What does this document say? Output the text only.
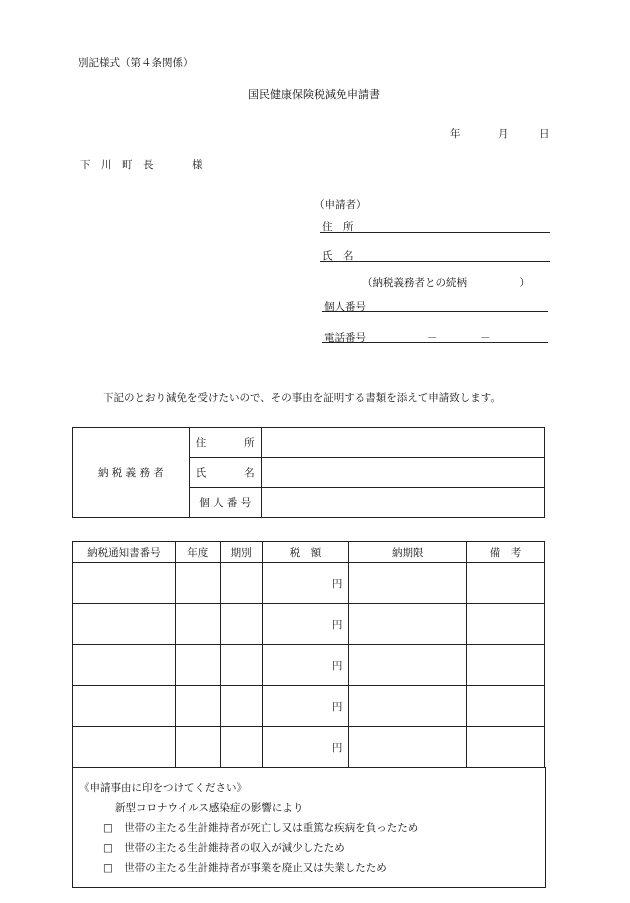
別記様式（第４条関係）
国民健康保険税減免申請書
年	月	日
下　川　町　長	様
（申請者）
住　所
氏　名
（納税義務者との続柄　　　　　）
個人番号
電話番号	－	－
下記のとおり減免を受けたいので、その事由を証明する書類を添えて申請致します。
納 税 義 務 者	住　　所	
	氏　　名	
	個 人 番 号	
納税通知書番号	年度	期別	税　額	納期限	備　考
			円		
			円		
			円		
			円		
			円		
《申請事由に印をつけてください》
新型コロナウイルス感染症の影響により
□ 世帯の主たる生計維持者が死亡し又は重篤な疾病を負ったため
□ 世帯の主たる生計維持者の収入が減少したため
□ 世帯の主たる生計維持者が事業を廃止又は失業したため
